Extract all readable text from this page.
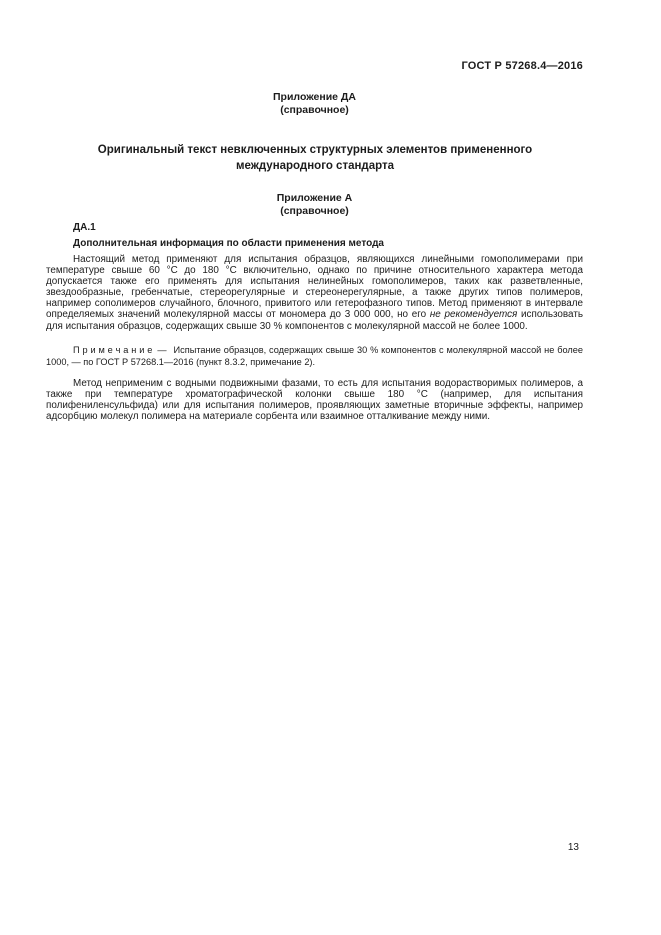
ГОСТ Р 57268.4—2016
Приложение ДА
(справочное)
Оригинальный текст невключенных структурных элементов примененного международного стандарта
Приложение А
(справочное)
ДА.1
Дополнительная информация по области применения метода

Настоящий метод применяют для испытания образцов, являющихся линейными гомополимерами при температуре свыше 60 °С до 180 °С включительно, однако по причине относительного характера метода допускается также его применять для испытания нелинейных гомополимеров, таких как разветвленные, звездообразные, гребенчатые, стереорегулярные и стереонерегулярные, а также других типов полимеров, например сополимеров случайного, блочного, привитого или гетерофазного типов. Метод применяют в интервале определяемых значений молекулярной массы от мономера до 3 000 000, но его не рекомендуется использовать для испытания образцов, содержащих свыше 30 % компонентов с молекулярной массой не более 1000.

П р и м е ч а н и е — Испытание образцов, содержащих свыше 30 % компонентов с молекулярной массой не более 1000, — по ГОСТ Р 57268.1—2016 (пункт 8.3.2, примечание 2).

Метод неприменим с водными подвижными фазами, то есть для испытания водорастворимых полимеров, а также при температуре хроматографической колонки свыше 180 °С (например, для испытания полифениленсульфида) или для испытания полимеров, проявляющих заметные вторичные эффекты, например адсорбцию молекул полимера на материале сорбента или взаимное отталкивание между ними.

13
